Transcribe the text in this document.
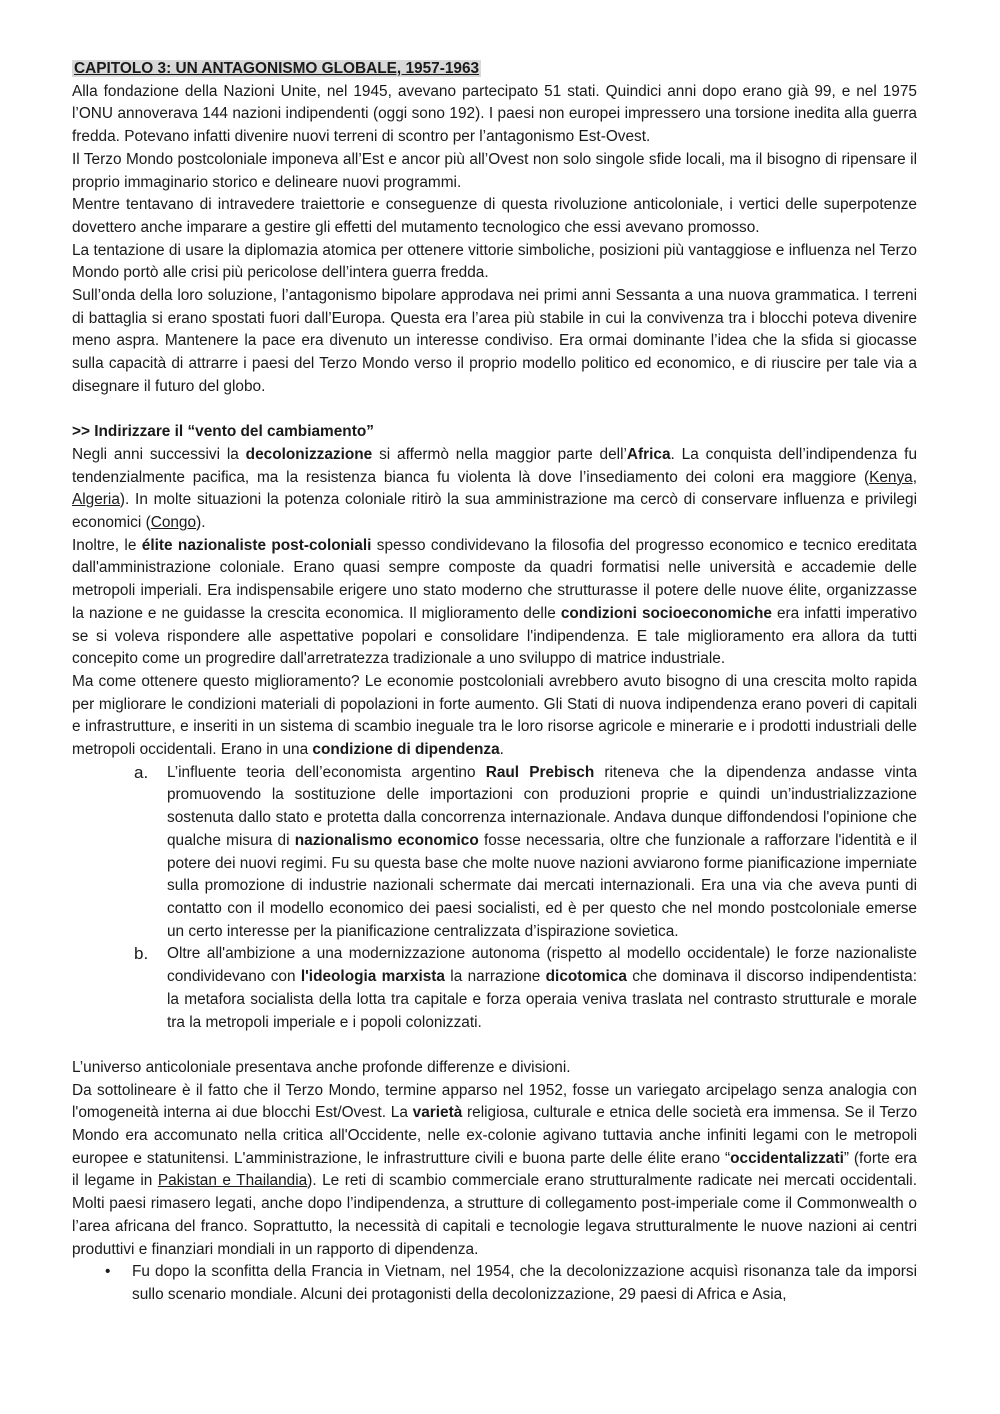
CAPITOLO 3: UN ANTAGONISMO GLOBALE, 1957-1963

Alla fondazione della Nazioni Unite, nel 1945, avevano partecipato 51 stati. Quindici anni dopo erano già 99, e nel 1975 l’ONU annoverava 144 nazioni indipendenti (oggi sono 192). I paesi non europei impressero una torsione inedita alla guerra fredda. Potevano infatti divenire nuovi terreni di scontro per l’antagonismo Est-Ovest.

Il Terzo Mondo postcoloniale imponeva all’Est e ancor più all’Ovest non solo singole sfide locali, ma il bisogno di ripensare il proprio immaginario storico e delineare nuovi programmi.

Mentre tentavano di intravedere traiettorie e conseguenze di questa rivoluzione anticoloniale, i vertici delle superpotenze dovettero anche imparare a gestire gli effetti del mutamento tecnologico che essi avevano promosso.

La tentazione di usare la diplomazia atomica per ottenere vittorie simboliche, posizioni più vantaggiose e influenza nel Terzo Mondo portò alle crisi più pericolose dell’intera guerra fredda.

Sull’onda della loro soluzione, l’antagonismo bipolare approdava nei primi anni Sessanta a una nuova grammatica. I terreni di battaglia si erano spostati fuori dall’Europa. Questa era l’area più stabile in cui la convivenza tra i blocchi poteva divenire meno aspra. Mantenere la pace era divenuto un interesse condiviso. Era ormai dominante l’idea che la sfida si giocasse sulla capacità di attrarre i paesi del Terzo Mondo verso il proprio modello politico ed economico, e di riuscire per tale via a disegnare il futuro del globo.

>> Indirizzare il “vento del cambiamento”

Negli anni successivi la decolonizzazione si affermò nella maggior parte dell’Africa. La conquista dell’indipendenza fu tendenzialmente pacifica, ma la resistenza bianca fu violenta là dove l’insediamento dei coloni era maggiore (Kenya, Algeria). In molte situazioni la potenza coloniale ritirò la sua amministrazione ma cercò di conservare influenza e privilegi economici (Congo).

Inoltre, le élite nazionaliste post-coloniali spesso condividevano la filosofia del progresso economico e tecnico ereditata dall'amministrazione coloniale. Erano quasi sempre composte da quadri formatisi nelle università e accademie delle metropoli imperiali. Era indispensabile erigere uno stato moderno che strutturasse il potere delle nuove élite, organizzasse la nazione e ne guidasse la crescita economica. Il miglioramento delle condizioni socioeconomiche era infatti imperativo se si voleva rispondere alle aspettative popolari e consolidare l'indipendenza. E tale miglioramento era allora da tutti concepito come un progredire dall'arretratezza tradizionale a uno sviluppo di matrice industriale.

Ma come ottenere questo miglioramento? Le economie postcoloniali avrebbero avuto bisogno di una crescita molto rapida per migliorare le condizioni materiali di popolazioni in forte aumento. Gli Stati di nuova indipendenza erano poveri di capitali e infrastrutture, e inseriti in un sistema di scambio ineguale tra le loro risorse agricole e minerarie e i prodotti industriali delle metropoli occidentali. Erano in una condizione di dipendenza.

a. L’influente teoria dell’economista argentino Raul Prebisch riteneva che la dipendenza andasse vinta promuovendo la sostituzione delle importazioni con produzioni proprie e quindi un’industrializzazione sostenuta dallo stato e protetta dalla concorrenza internazionale. Andava dunque diffondendosi l'opinione che qualche misura di nazionalismo economico fosse necessaria, oltre che funzionale a rafforzare l'identità e il potere dei nuovi regimi. Fu su questa base che molte nuove nazioni avviarono forme pianificazione imperniate sulla promozione di industrie nazionali schermate dai mercati internazionali. Era una via che aveva punti di contatto con il modello economico dei paesi socialisti, ed è per questo che nel mondo postcoloniale emerse un certo interesse per la pianificazione centralizzata d’ispirazione sovietica.
b. Oltre all'ambizione a una modernizzazione autonoma (rispetto al modello occidentale) le forze nazionaliste condividevano con l'ideologia marxista la narrazione dicotomica che dominava il discorso indipendentista: la metafora socialista della lotta tra capitale e forza operaia veniva traslata nel contrasto strutturale e morale tra la metropoli imperiale e i popoli colonizzati.

L’universo anticoloniale presentava anche profonde differenze e divisioni.

Da sottolineare è il fatto che il Terzo Mondo, termine apparso nel 1952, fosse un variegato arcipelago senza analogia con l'omogeneità interna ai due blocchi Est/Ovest. La varietà religiosa, culturale e etnica delle società era immensa. Se il Terzo Mondo era accomunato nella critica all'Occidente, nelle ex-colonie agivano tuttavia anche infiniti legami con le metropoli europee e statunitensi. L'amministrazione, le infrastrutture civili e buona parte delle élite erano “occidentalizzati” (forte era il legame in Pakistan e Thailandia). Le reti di scambio commerciale erano strutturalmente radicate nei mercati occidentali. Molti paesi rimasero legati, anche dopo l’indipendenza, a strutture di collegamento post-imperiale come il Commonwealth o l’area africana del franco. Soprattutto, la necessità di capitali e tecnologie legava strutturalmente le nuove nazioni ai centri produttivi e finanziari mondiali in un rapporto di dipendenza.

• Fu dopo la sconfitta della Francia in Vietnam, nel 1954, che la decolonizzazione acquisì risonanza tale da imporsi sullo scenario mondiale. Alcuni dei protagonisti della decolonizzazione, 29 paesi di Africa e Asia,
